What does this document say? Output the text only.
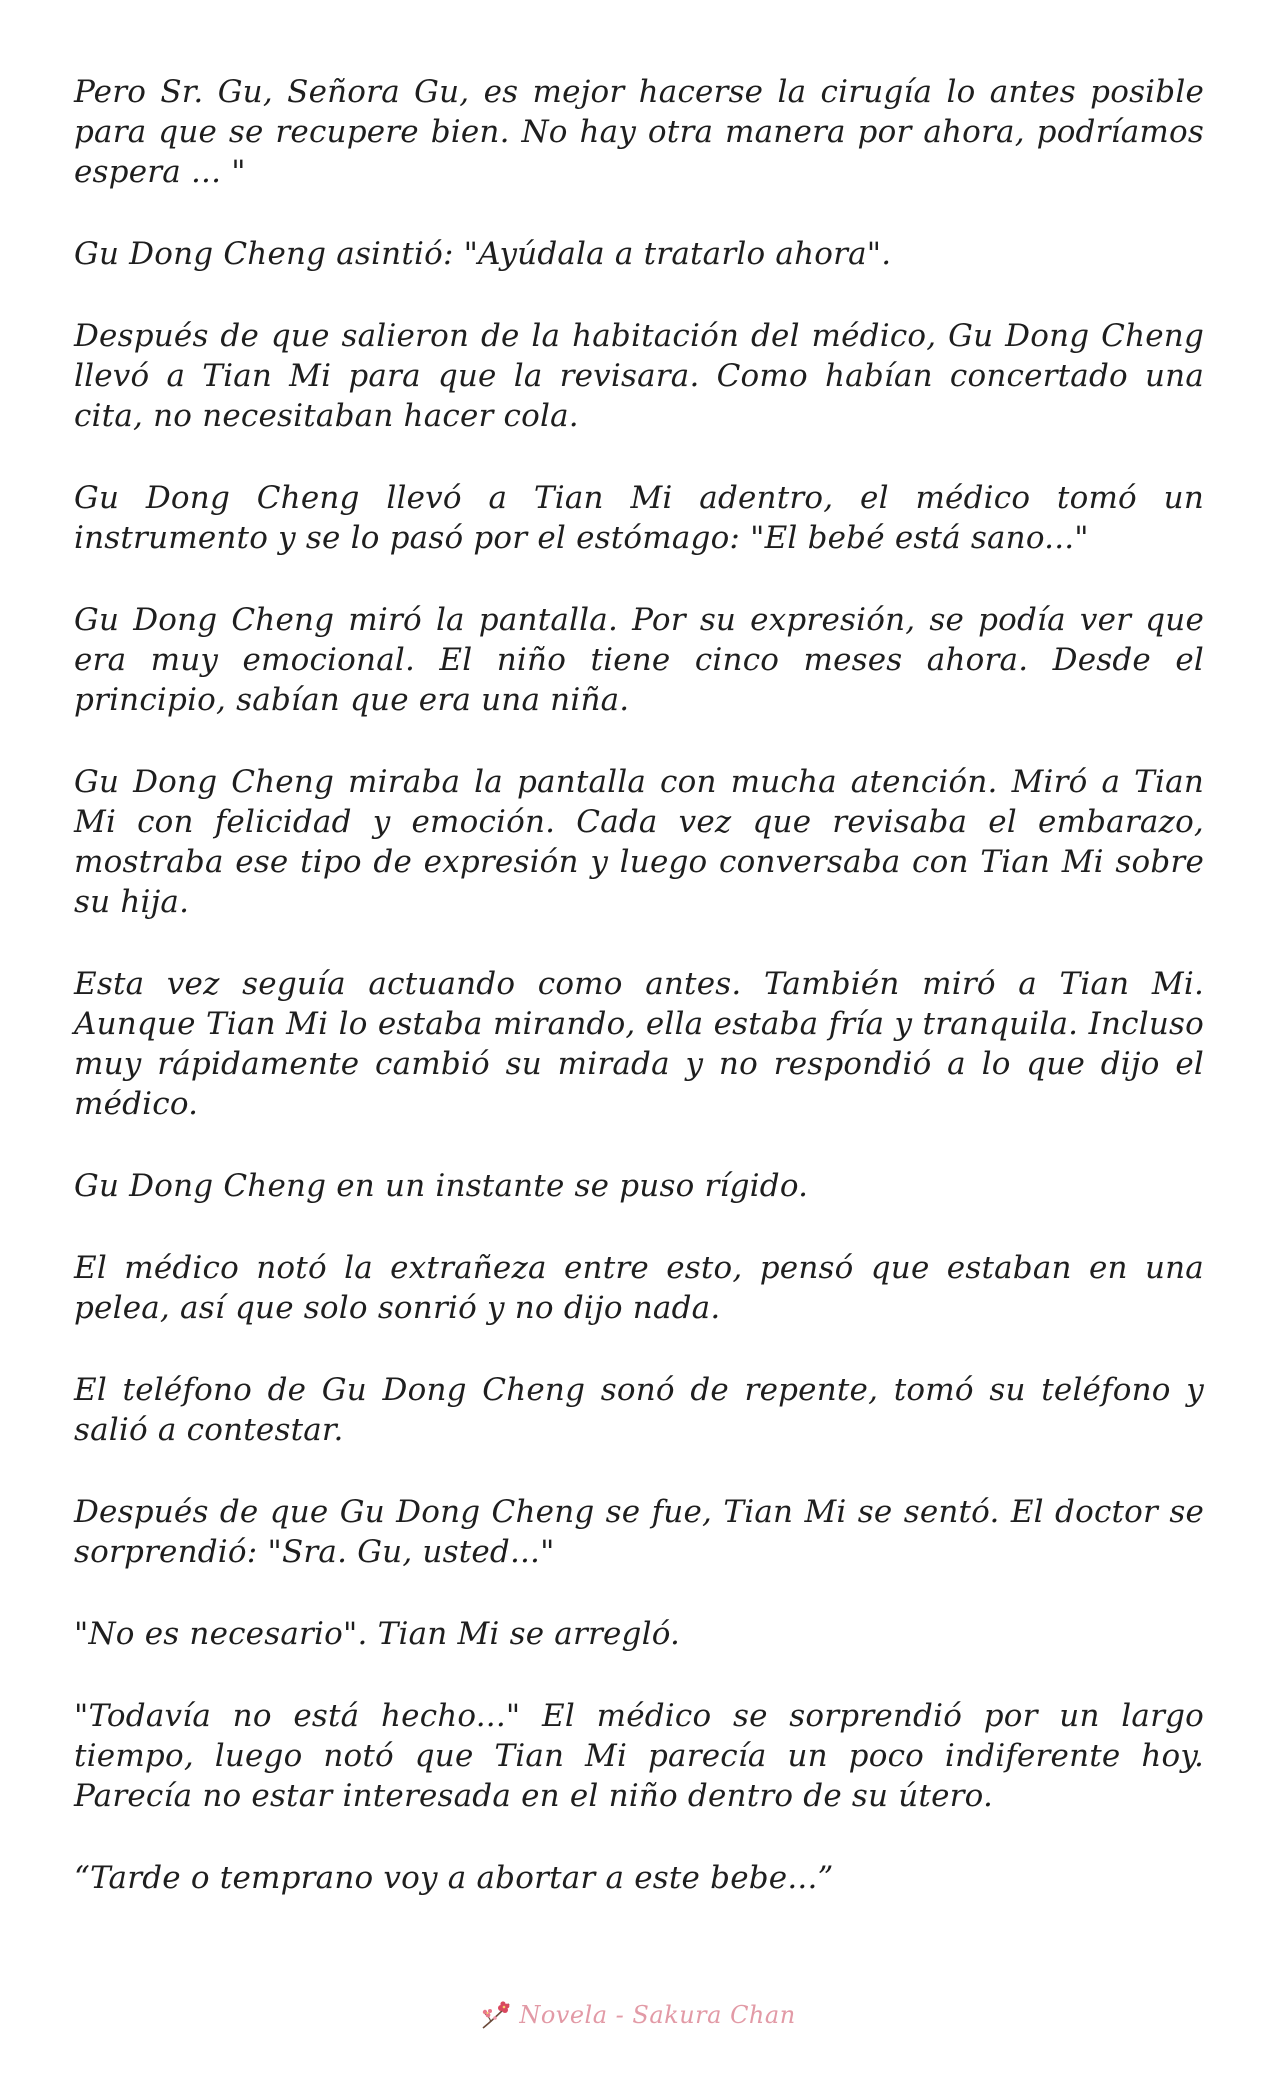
Pero Sr. Gu, Señora Gu, es mejor hacerse la cirugía lo antes posible para que se recupere bien. No hay otra manera por ahora, podríamos espera ... "

Gu Dong Cheng asintió: "Ayúdala a tratarlo ahora".

Después de que salieron de la habitación del médico, Gu Dong Cheng llevó a Tian Mi para que la revisara. Como habían concertado una cita, no necesitaban hacer cola.

Gu Dong Cheng llevó a Tian Mi adentro, el médico tomó un instrumento y se lo pasó por el estómago: "El bebé está sano..."

Gu Dong Cheng miró la pantalla. Por su expresión, se podía ver que era muy emocional. El niño tiene cinco meses ahora. Desde el principio, sabían que era una niña.

Gu Dong Cheng miraba la pantalla con mucha atención. Miró a Tian Mi con felicidad y emoción. Cada vez que revisaba el embarazo, mostraba ese tipo de expresión y luego conversaba con Tian Mi sobre su hija.

Esta vez seguía actuando como antes. También miró a Tian Mi. Aunque Tian Mi lo estaba mirando, ella estaba fría y tranquila. Incluso muy rápidamente cambió su mirada y no respondió a lo que dijo el médico.

Gu Dong Cheng en un instante se puso rígido.

El médico notó la extrañeza entre esto, pensó que estaban en una pelea, así que solo sonrió y no dijo nada.

El teléfono de Gu Dong Cheng sonó de repente, tomó su teléfono y salió a contestar.

Después de que Gu Dong Cheng se fue, Tian Mi se sentó. El doctor se sorprendió: "Sra. Gu, usted..."

"No es necesario". Tian Mi se arregló.

"Todavía no está hecho..." El médico se sorprendió por un largo tiempo, luego notó que Tian Mi parecía un poco indiferente hoy. Parecía no estar interesada en el niño dentro de su útero.

“Tarde o temprano voy a abortar a este bebe...”

Novela - Sakura Chan
